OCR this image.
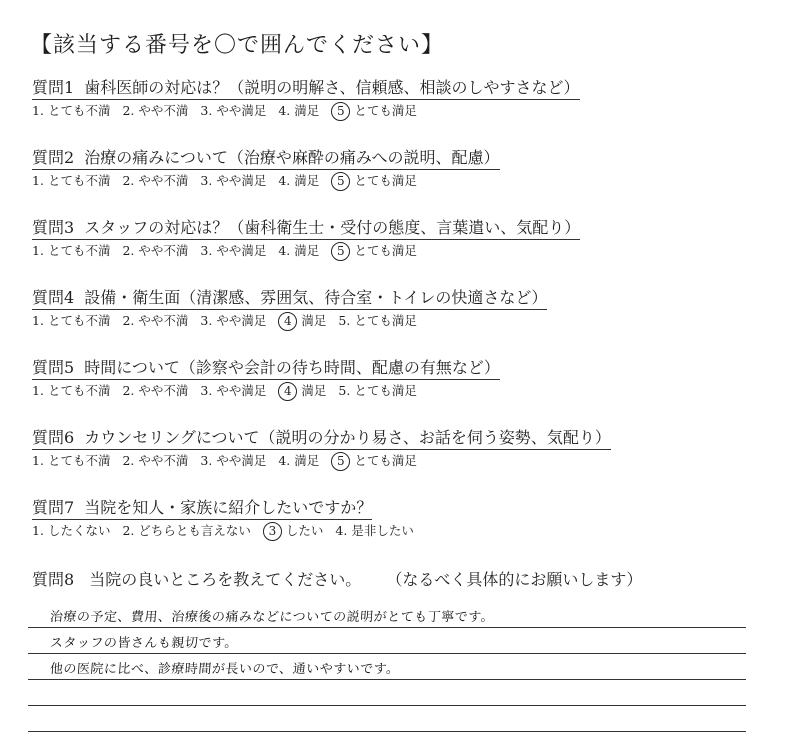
【該当する番号を〇で囲んでください】
質問1 歯科医師の対応は？（説明の明解さ、信頼感、相談のしやすさなど）
1. とても不満 2. やや不満 3. やや満足 4. 満足 5 とても満足
質問2 治療の痛みについて（治療や麻酔の痛みへの説明、配慮）
1. とても不満 2. やや不満 3. やや満足 4. 満足 5 とても満足
質問3 スタッフの対応は？（歯科衛生士・受付の態度、言葉遣い、気配り）
1. とても不満 2. やや不満 3. やや満足 4. 満足 5 とても満足
質問4 設備・衛生面（清潔感、雰囲気、待合室・トイレの快適さなど）
1. とても不満 2. やや不満 3. やや満足 4 満足 5. とても満足
質問5 時間について（診察や会計の待ち時間、配慮の有無など）
1. とても不満 2. やや不満 3. やや満足 4 満足 5. とても満足
質問6 カウンセリングについて（説明の分かり易さ、お話を伺う姿勢、気配り）
1. とても不満 2. やや不満 3. やや満足 4. 満足 5 とても満足
質問7 当院を知人・家族に紹介したいですか？
1. したくない 2. どちらとも言えない 3 したい 4. 是非したい
質問8 当院の良いところを教えてください。 （なるべく具体的にお願いします）
治療の予定、費用、治療後の痛みなどについての説明がとても丁寧です。
スタッフの皆さんも親切です。
他の医院に比べ、診療時間が長いので、通いやすいです。
